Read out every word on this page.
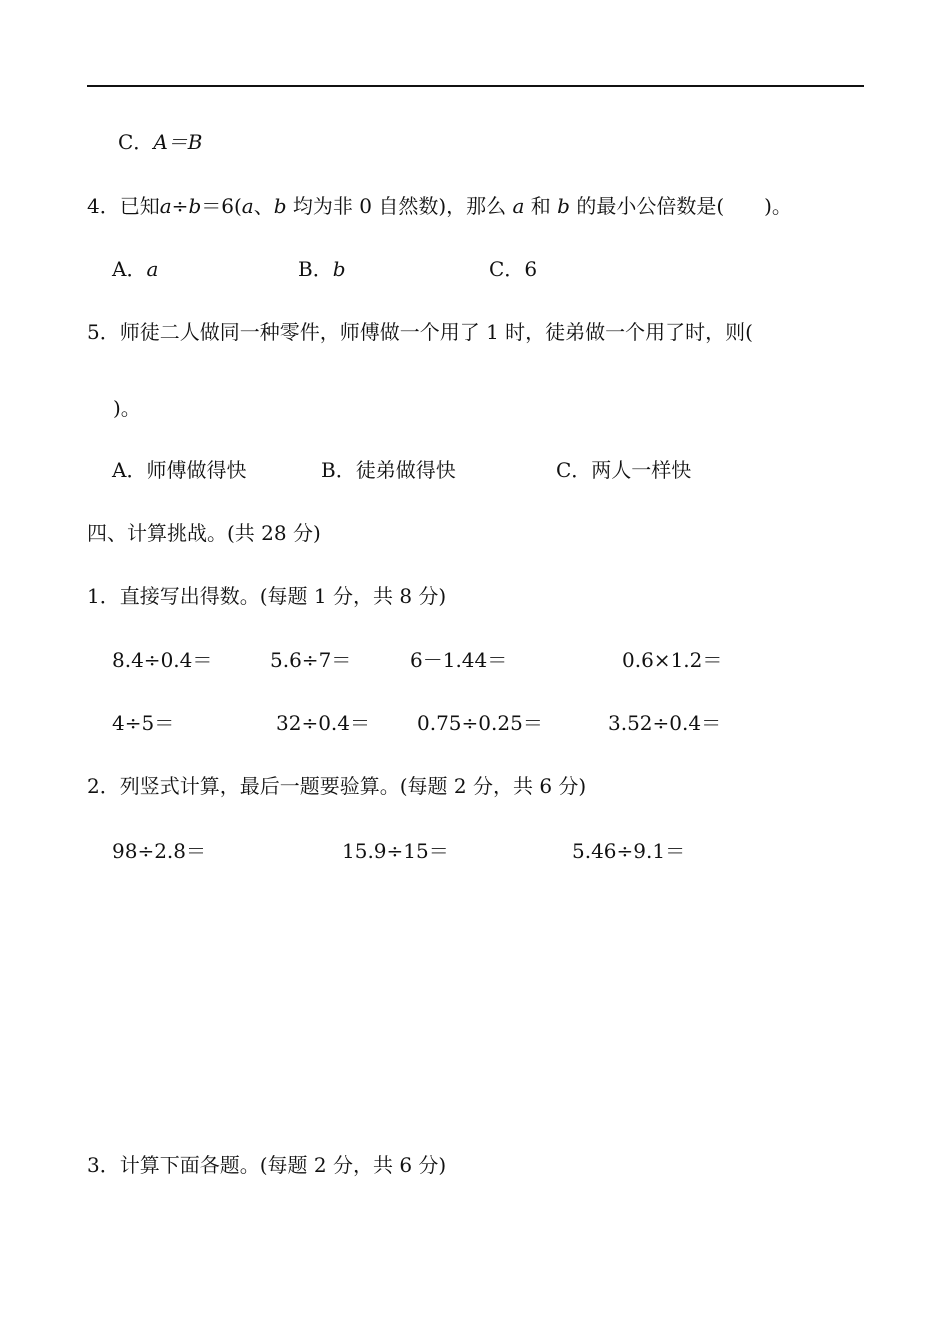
C．A＝B
4．已知a÷b＝6(a、b 均为非 0 自然数)，那么 a 和 b 的最小公倍数是(　　)。
A．a	B．b	C．6
5．师徒二人做同一种零件，师傅做一个用了 1 时，徒弟做一个用了时，则(
)。
A．师傅做得快	B．徒弟做得快	C．两人一样快
四、计算挑战。(共 28 分)
1．直接写出得数。(每题 1 分，共 8 分)
8.4÷0.4＝	5.6÷7＝	6－1.44＝	0.6×1.2＝
4÷5＝	32÷0.4＝ 0.75÷0.25＝	3.52÷0.4＝
2．列竖式计算，最后一题要验算。(每题 2 分，共 6 分)
98÷2.8＝	15.9÷15＝	5.46÷9.1＝
3．计算下面各题。(每题 2 分，共 6 分)
